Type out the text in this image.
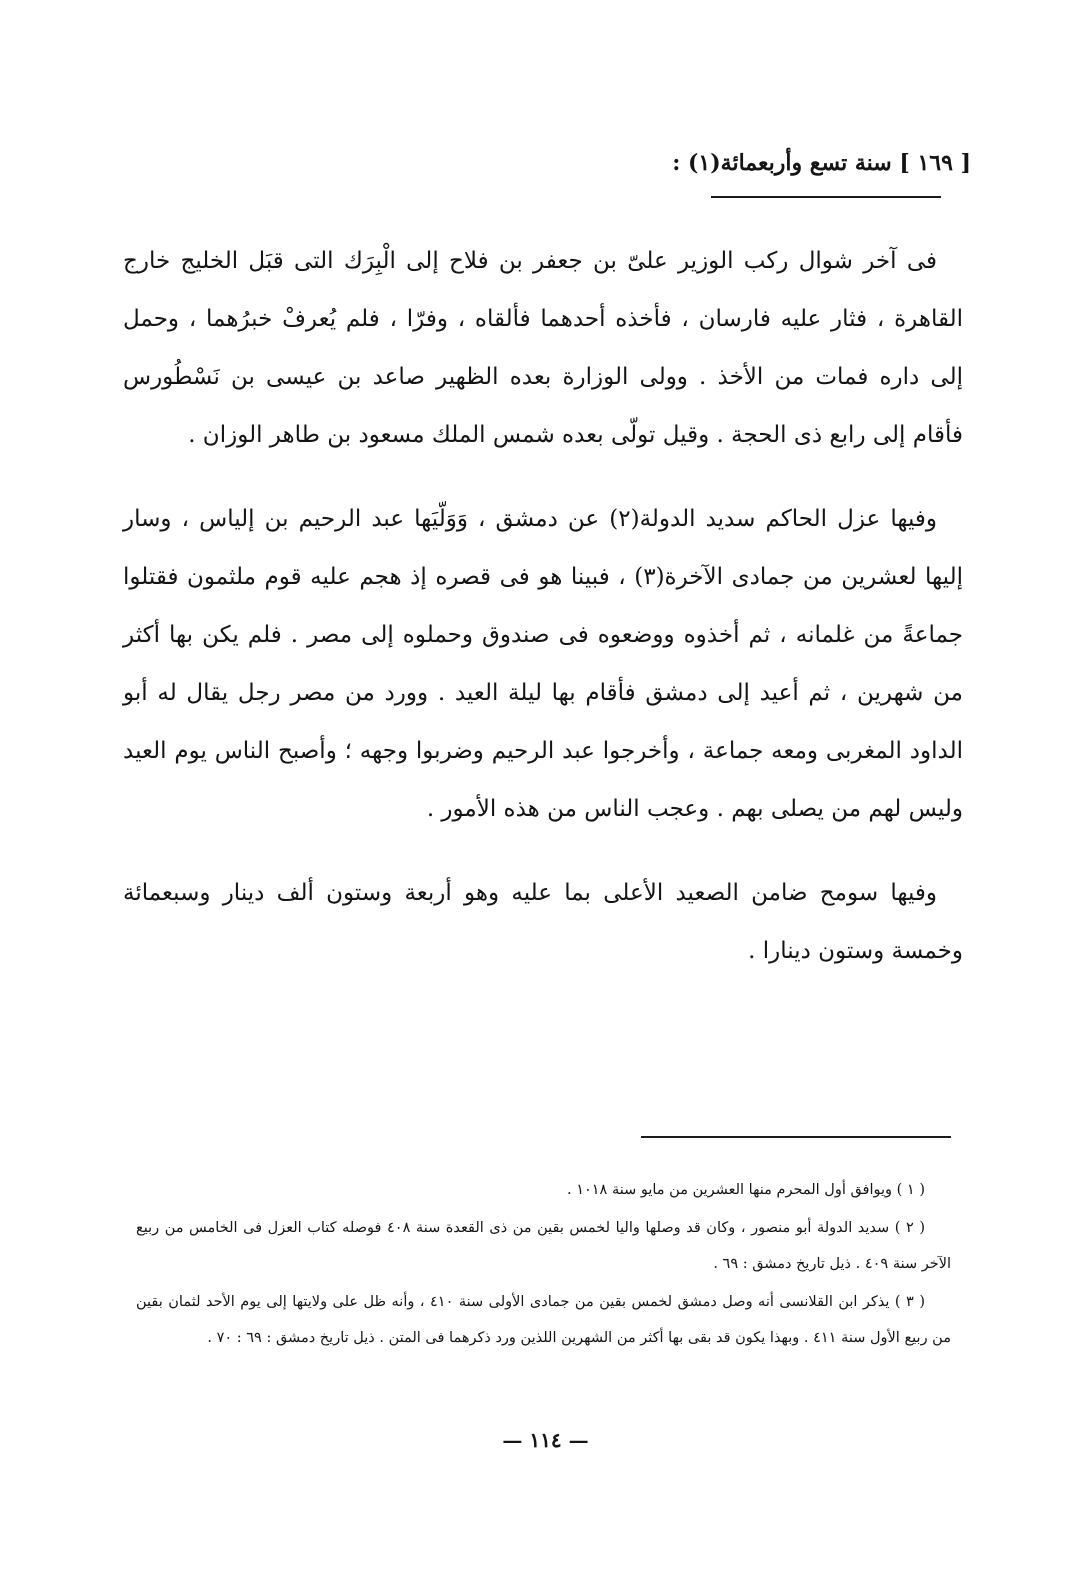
[ ١٦٩ ] سنة تسع وأربعمائة(١) :

فى آخر شوال ركب الوزير علىّ بن جعفر بن فلاح إلى الْبِرَك التى قبَل الخليج خارج القاهرة ، فثار عليه فارسان ، فأخذه أحدهما فألقاه ، وفرّا ، فلم يُعرفْ خبرُهما ، وحمل إلى داره فمات من الأخذ . وولى الوزارة بعده الظهير صاعد بن عيسى بن نَسْطُورس فأقام إلى رابع ذى الحجة . وقيل تولّى بعده شمس الملك مسعود بن طاهر الوزان .

وفيها عزل الحاكم سديد الدولة(٢) عن دمشق ، وَوَلّيَها عبد الرحيم بن إلياس ، وسار إليها لعشرين من جمادى الآخرة(٣) ، فبينا هو فى قصره إذ هجم عليه قوم ملثمون فقتلوا جماعةً من غلمانه ، ثم أخذوه ووضعوه فى صندوق وحملوه إلى مصر . فلم يكن بها أكثر من شهرين ، ثم أعيد إلى دمشق فأقام بها ليلة العيد . وورد من مصر رجل يقال له أبو الداود المغربى ومعه جماعة ، وأخرجوا عبد الرحيم وضربوا وجهه ؛ وأصبح الناس يوم العيد وليس لهم من يصلى بهم . وعجب الناس من هذه الأمور .

وفيها سومح ضامن الصعيد الأعلى بما عليه وهو أربعة وستون ألف دينار وسبعمائة وخمسة وستون دينارا .

( ١ ) ويوافق أول المحرم منها العشرين من مايو سنة ١٠١٨ .

( ٢ ) سديد الدولة أبو منصور ، وكان قد وصلها واليا لخمس بقين من ذى القعدة سنة ٤٠٨ فوصله كتاب العزل فى الخامس من ربيع الآخر سنة ٤٠٩ . ذيل تاريخ دمشق : ٦٩ .

( ٣ ) يذكر ابن القلانسى أنه وصل دمشق لخمس بقين من جمادى الأولى سنة ٤١٠ ، وأنه ظل على ولايتها إلى يوم الأحد لثمان بقين من ربيع الأول سنة ٤١١ . وبهذا يكون قد بقى بها أكثر من الشهرين اللذين ورد ذكرهما فى المتن . ذيل تاريخ دمشق : ٦٩ : ٧٠ .

— ١١٤ —
